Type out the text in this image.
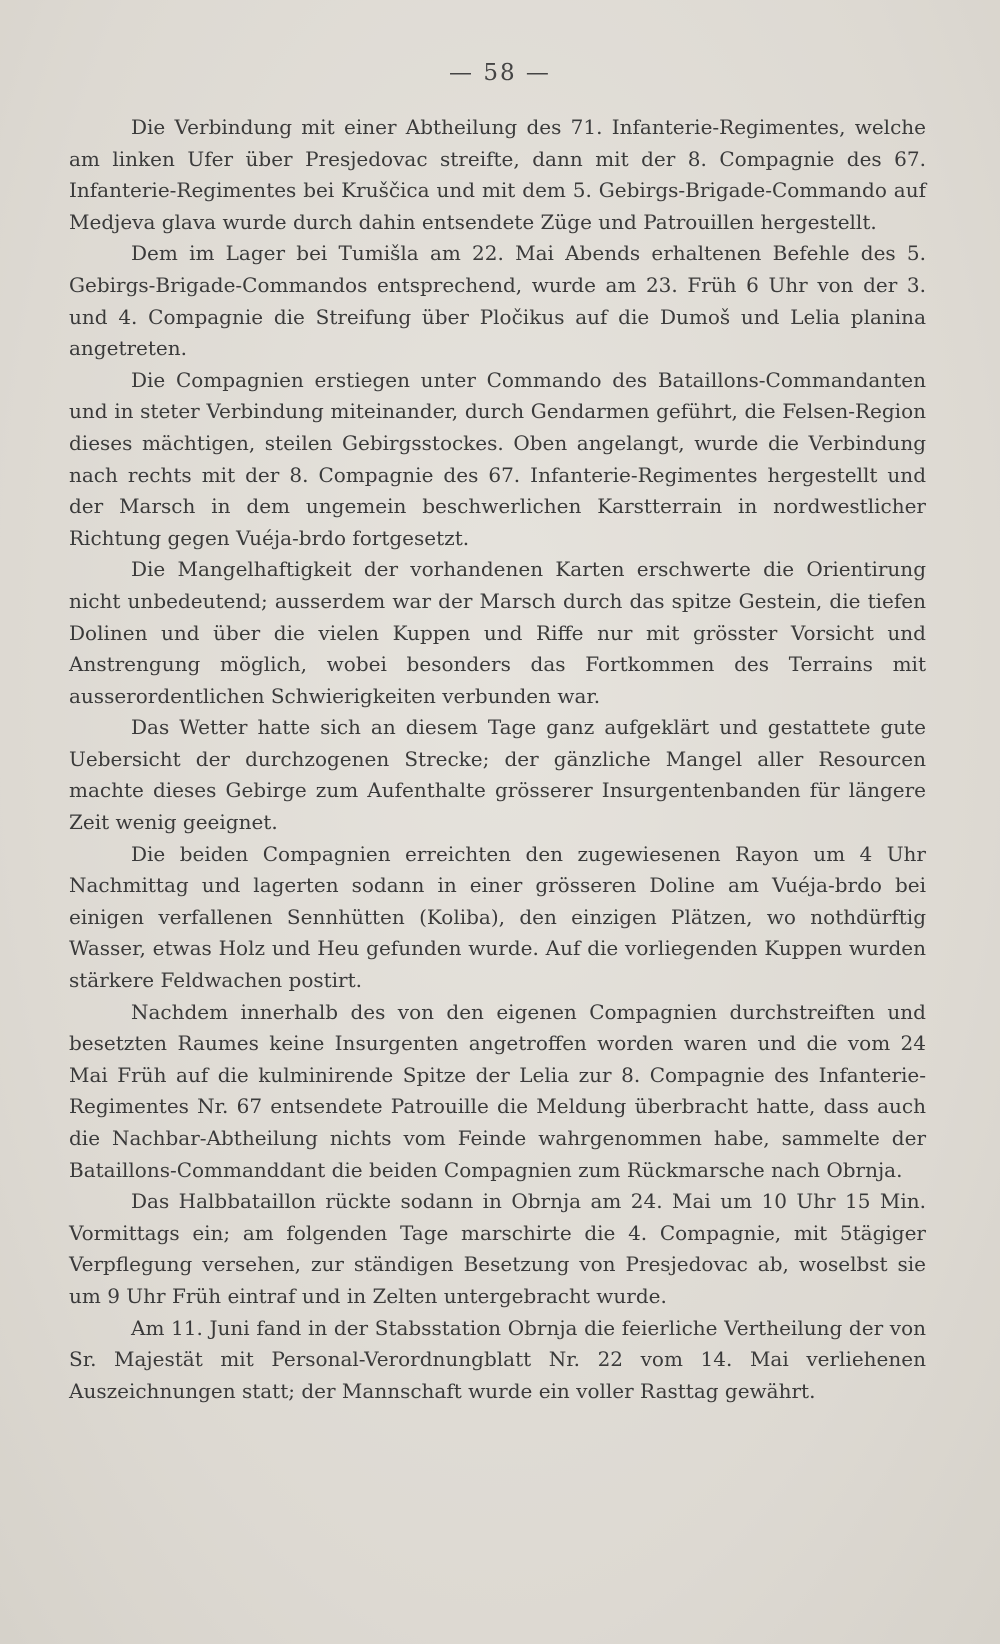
— 58 —

Die Verbindung mit einer Abtheilung des 71. Infanterie-Regimentes, welche am linken Ufer über Presjedovac streifte, dann mit der 8. Compagnie des 67. Infanterie-Regimentes bei Kruščica und mit dem 5. Gebirgs-Brigade-Commando auf Medjeva glava wurde durch dahin entsendete Züge und Patrouillen hergestellt.

Dem im Lager bei Tumišla am 22. Mai Abends erhaltenen Befehle des 5. Gebirgs-Brigade-Commandos entsprechend, wurde am 23. Früh 6 Uhr von der 3. und 4. Compagnie die Streifung über Pločikus auf die Dumoš und Lelia planina angetreten.

Die Compagnien erstiegen unter Commando des Bataillons-Commandanten und in steter Verbindung miteinander, durch Gendarmen geführt, die Felsen-Region dieses mächtigen, steilen Gebirgsstockes. Oben angelangt, wurde die Verbindung nach rechts mit der 8. Compagnie des 67. Infanterie-Regimentes hergestellt und der Marsch in dem ungemein beschwerlichen Karstterrain in nordwestlicher Richtung gegen Vuéja-brdo fortgesetzt.

Die Mangelhaftigkeit der vorhandenen Karten erschwerte die Orientirung nicht unbedeutend; ausserdem war der Marsch durch das spitze Gestein, die tiefen Dolinen und über die vielen Kuppen und Riffe nur mit grösster Vorsicht und Anstrengung möglich, wobei besonders das Fortkommen des Terrains mit ausserordentlichen Schwierigkeiten verbunden war.

Das Wetter hatte sich an diesem Tage ganz aufgeklärt und gestattete gute Uebersicht der durchzogenen Strecke; der gänzliche Mangel aller Resourcen machte dieses Gebirge zum Aufenthalte grösserer Insurgentenbanden für längere Zeit wenig geeignet.

Die beiden Compagnien erreichten den zugewiesenen Rayon um 4 Uhr Nachmittag und lagerten sodann in einer grösseren Doline am Vuéja-brdo bei einigen verfallenen Sennhütten (Koliba), den einzigen Plätzen, wo nothdürftig Wasser, etwas Holz und Heu gefunden wurde. Auf die vorliegenden Kuppen wurden stärkere Feldwachen postirt.

Nachdem innerhalb des von den eigenen Compagnien durchstreiften und besetzten Raumes keine Insurgenten angetroffen worden waren und die vom 24 Mai Früh auf die kulminirende Spitze der Lelia zur 8. Compagnie des Infanterie-Regimentes Nr. 67 entsendete Patrouille die Meldung überbracht hatte, dass auch die Nachbar-Abtheilung nichts vom Feinde wahrgenommen habe, sammelte der Bataillons-Commanddant die beiden Compagnien zum Rückmarsche nach Obrnja.

Das Halbbataillon rückte sodann in Obrnja am 24. Mai um 10 Uhr 15 Min. Vormittags ein; am folgenden Tage marschirte die 4. Compagnie, mit 5tägiger Verpflegung versehen, zur ständigen Besetzung von Presjedovac ab, woselbst sie um 9 Uhr Früh eintraf und in Zelten untergebracht wurde.

Am 11. Juni fand in der Stabsstation Obrnja die feierliche Vertheilung der von Sr. Majestät mit Personal-Verordnungblatt Nr. 22 vom 14. Mai verliehenen Auszeichnungen statt; der Mannschaft wurde ein voller Rasttag gewährt.
